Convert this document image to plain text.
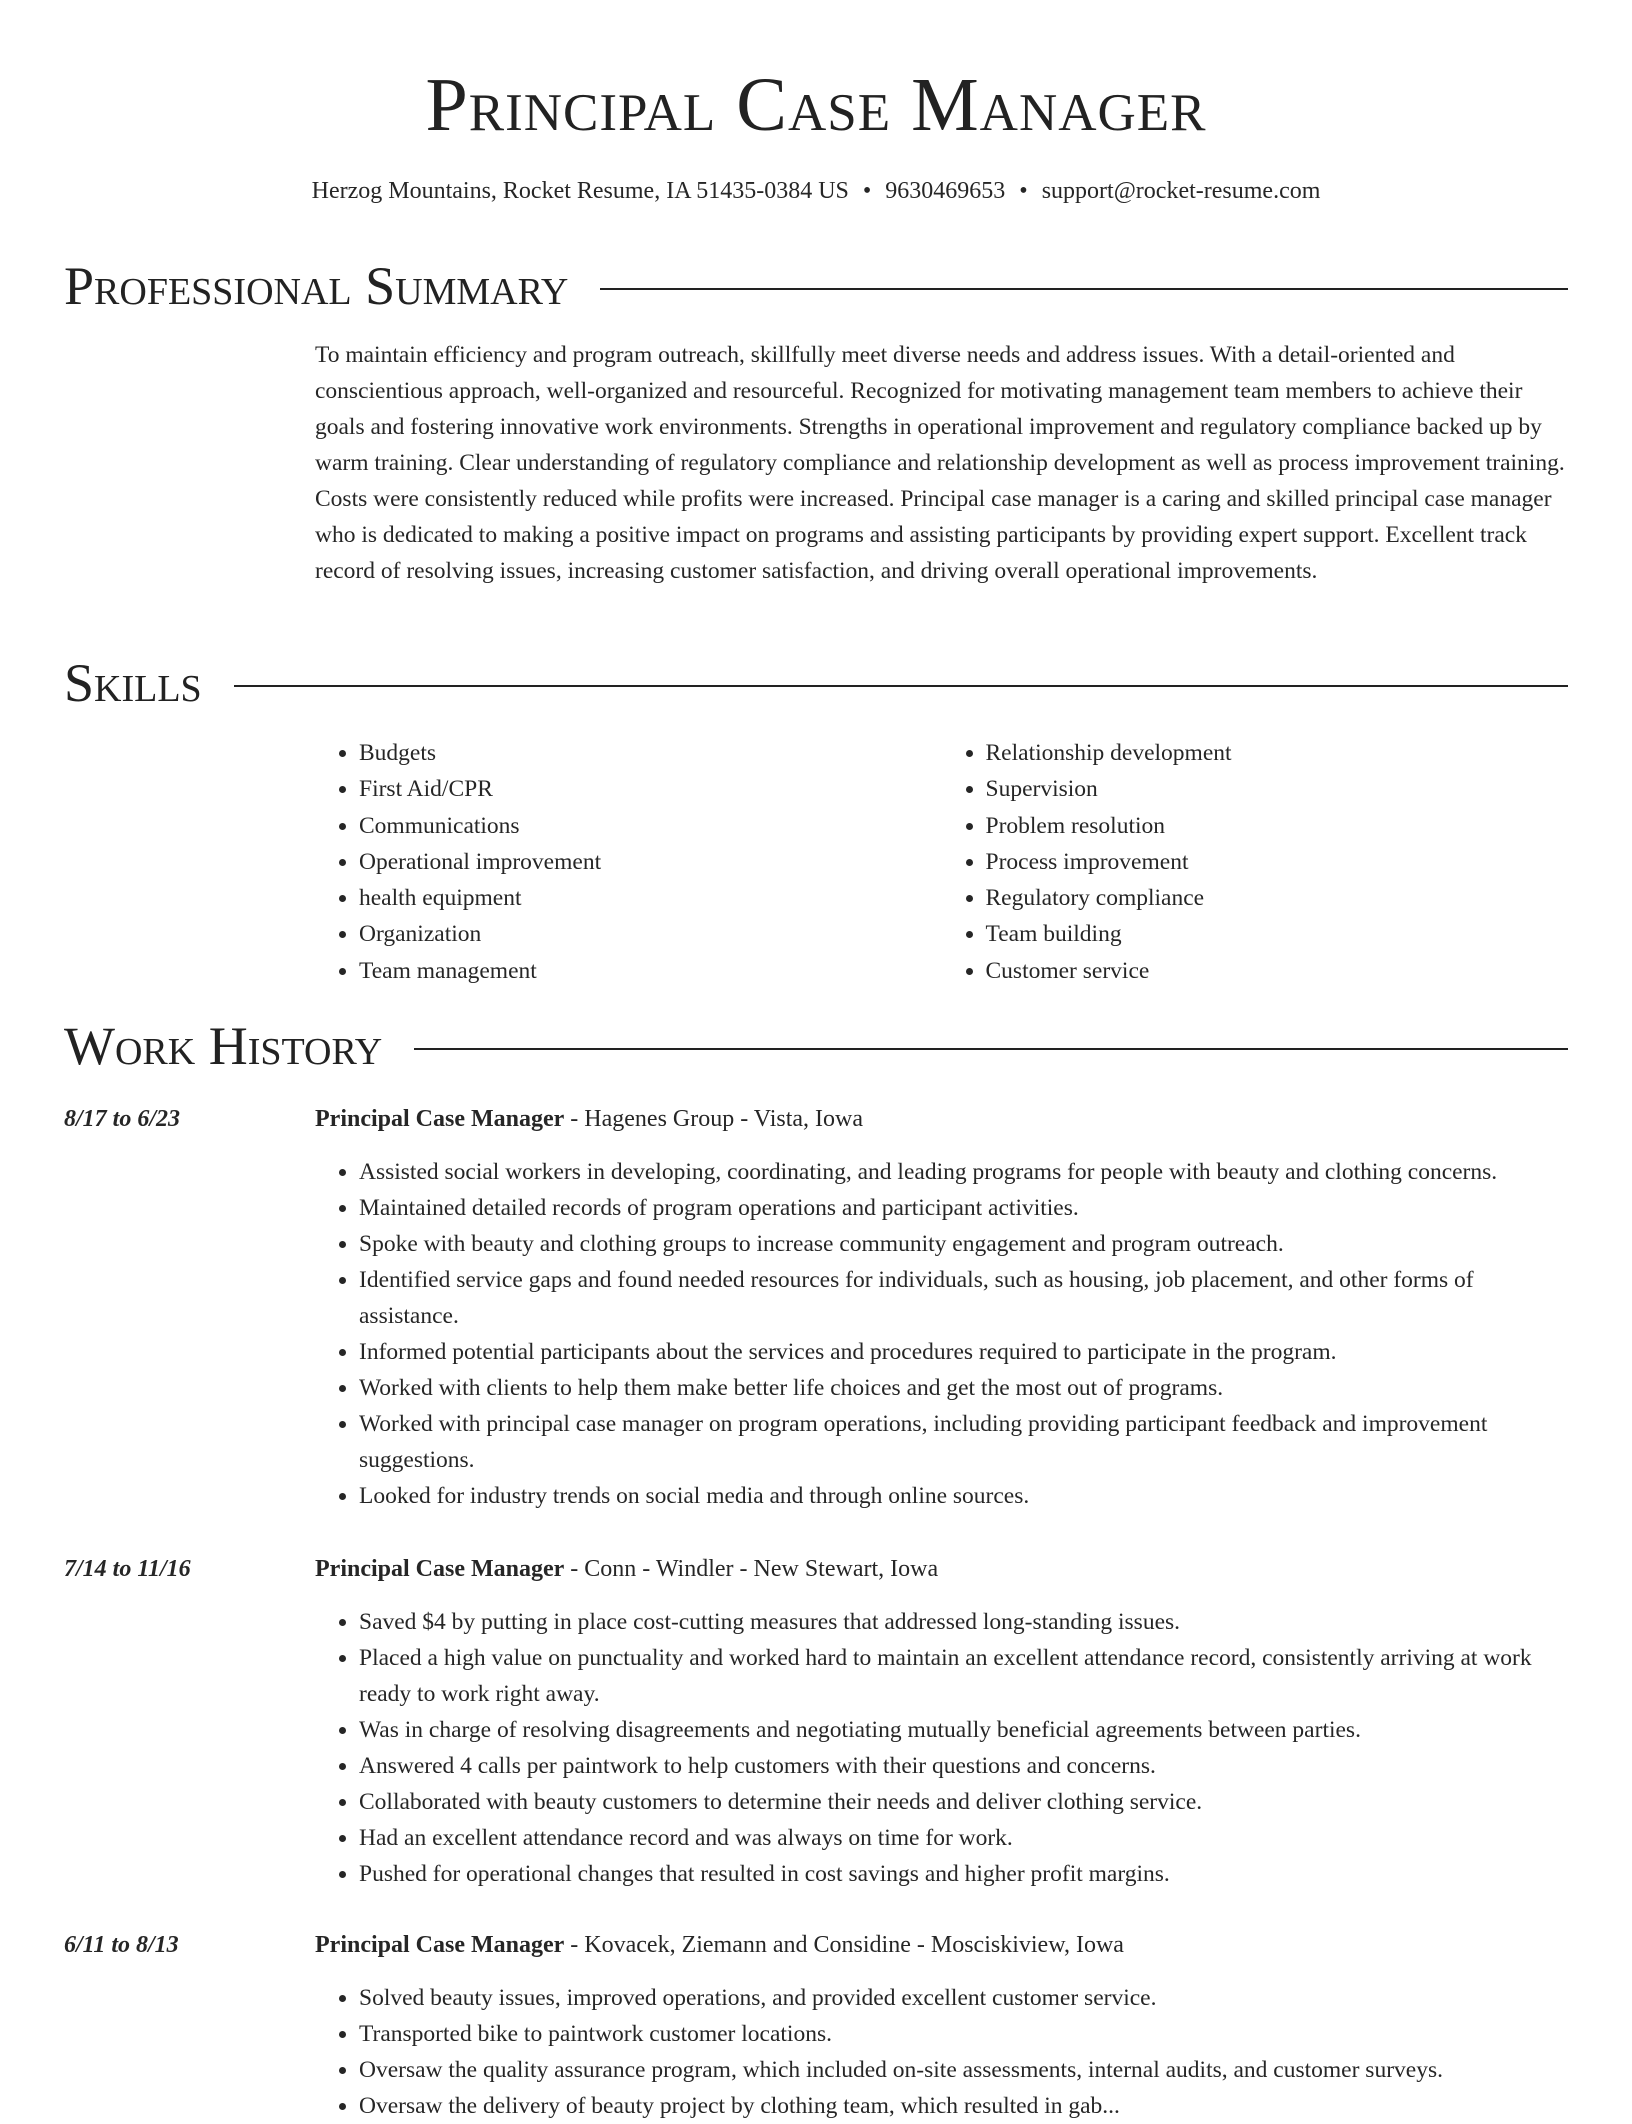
Principal Case Manager
Herzog Mountains, Rocket Resume, IA 51435-0384 US • 9630469653 • support@rocket-resume.com
Professional Summary
To maintain efficiency and program outreach, skillfully meet diverse needs and address issues. With a detail-oriented and conscientious approach, well-organized and resourceful. Recognized for motivating management team members to achieve their goals and fostering innovative work environments. Strengths in operational improvement and regulatory compliance backed up by warm training. Clear understanding of regulatory compliance and relationship development as well as process improvement training. Costs were consistently reduced while profits were increased. Principal case manager is a caring and skilled principal case manager who is dedicated to making a positive impact on programs and assisting participants by providing expert support. Excellent track record of resolving issues, increasing customer satisfaction, and driving overall operational improvements.
Skills
• Budgets
• First Aid/CPR
• Communications
• Operational improvement
• health equipment
• Organization
• Team management
• Relationship development
• Supervision
• Problem resolution
• Process improvement
• Regulatory compliance
• Team building
• Customer service
Work History
8/17 to 6/23	Principal Case Manager - Hagenes Group - Vista, Iowa
• Assisted social workers in developing, coordinating, and leading programs for people with beauty and clothing concerns.
• Maintained detailed records of program operations and participant activities.
• Spoke with beauty and clothing groups to increase community engagement and program outreach.
• Identified service gaps and found needed resources for individuals, such as housing, job placement, and other forms of assistance.
• Informed potential participants about the services and procedures required to participate in the program.
• Worked with clients to help them make better life choices and get the most out of programs.
• Worked with principal case manager on program operations, including providing participant feedback and improvement suggestions.
• Looked for industry trends on social media and through online sources.
7/14 to 11/16	Principal Case Manager - Conn - Windler - New Stewart, Iowa
• Saved $4 by putting in place cost-cutting measures that addressed long-standing issues.
• Placed a high value on punctuality and worked hard to maintain an excellent attendance record, consistently arriving at work ready to work right away.
• Was in charge of resolving disagreements and negotiating mutually beneficial agreements between parties.
• Answered 4 calls per paintwork to help customers with their questions and concerns.
• Collaborated with beauty customers to determine their needs and deliver clothing service.
• Had an excellent attendance record and was always on time for work.
• Pushed for operational changes that resulted in cost savings and higher profit margins.
6/11 to 8/13	Principal Case Manager - Kovacek, Ziemann and Considine - Mosciskiview, Iowa
• Solved beauty issues, improved operations, and provided excellent customer service.
• Transported bike to paintwork customer locations.
• Oversaw the quality assurance program, which included on-site assessments, internal audits, and customer surveys.
• Oversaw the delivery of beauty project by clothing team, which resulted in gab...
